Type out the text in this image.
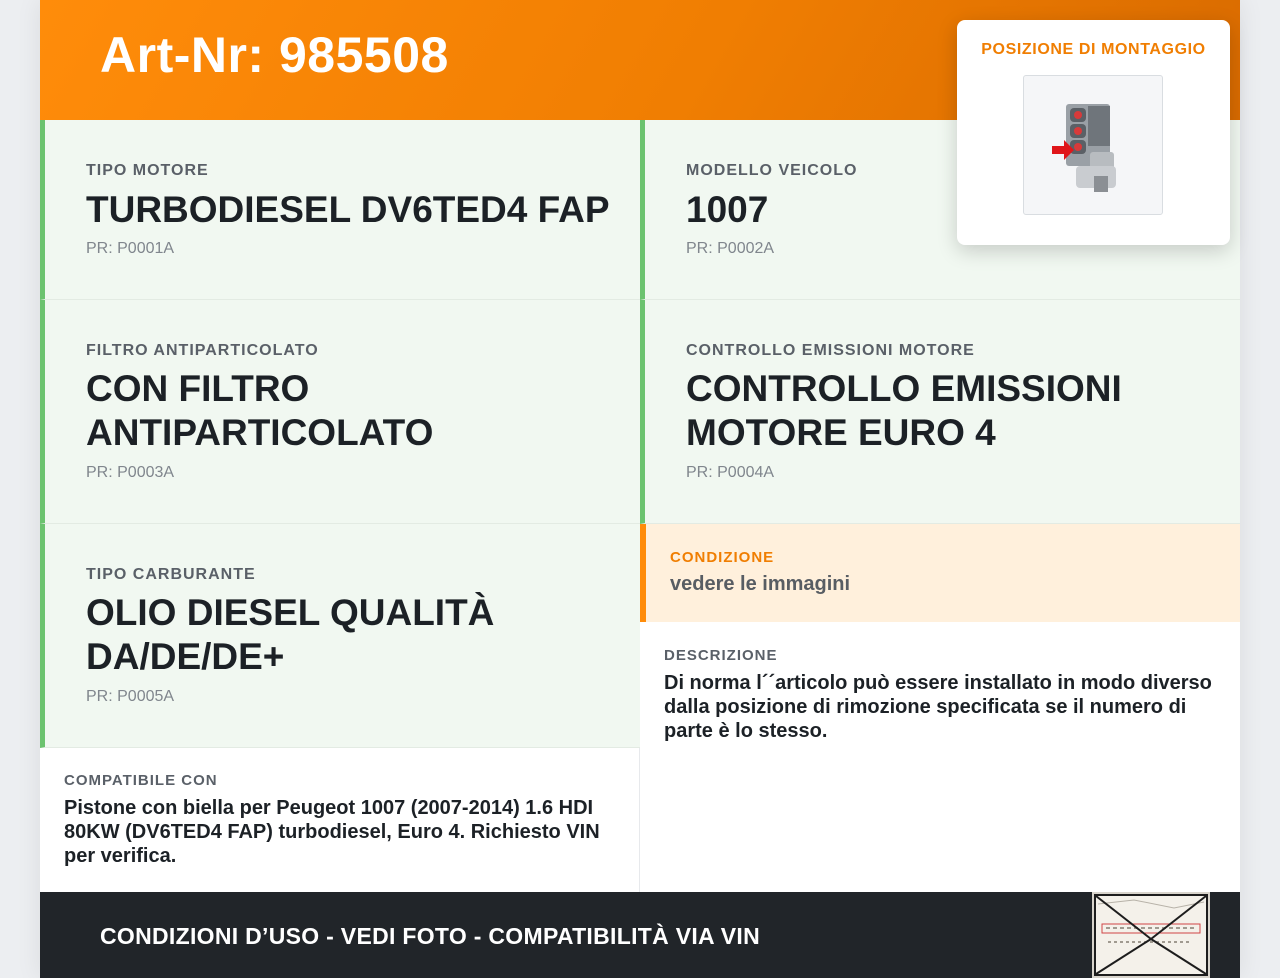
Art-Nr: 985508
TIPO MOTORE
TURBODIESEL DV6TED4 FAP
PR: P0001A
MODELLO VEICOLO
1007
PR: P0002A
FILTRO ANTIPARTICOLATO
CON FILTRO ANTIPARTICOLATO
PR: P0003A
CONTROLLO EMISSIONI MOTORE
CONTROLLO EMISSIONI MOTORE EURO 4
PR: P0004A
TIPO CARBURANTE
OLIO DIESEL QUALITÀ DA/DE/DE+
PR: P0005A
CONDIZIONE
vedere le immagini
DESCRIZIONE
Di norma l´´articolo può essere installato in modo diverso dalla posizione di rimozione specificata se il numero di parte è lo stesso.
COMPATIBILE CON
Pistone con biella per Peugeot 1007 (2007-2014) 1.6 HDI 80KW (DV6TED4 FAP) turbodiesel, Euro 4. Richiesto VIN per verifica.
CONDIZIONI D’USO - VEDI FOTO - COMPATIBILITÀ VIA VIN
POSIZIONE DI MONTAGGIO
